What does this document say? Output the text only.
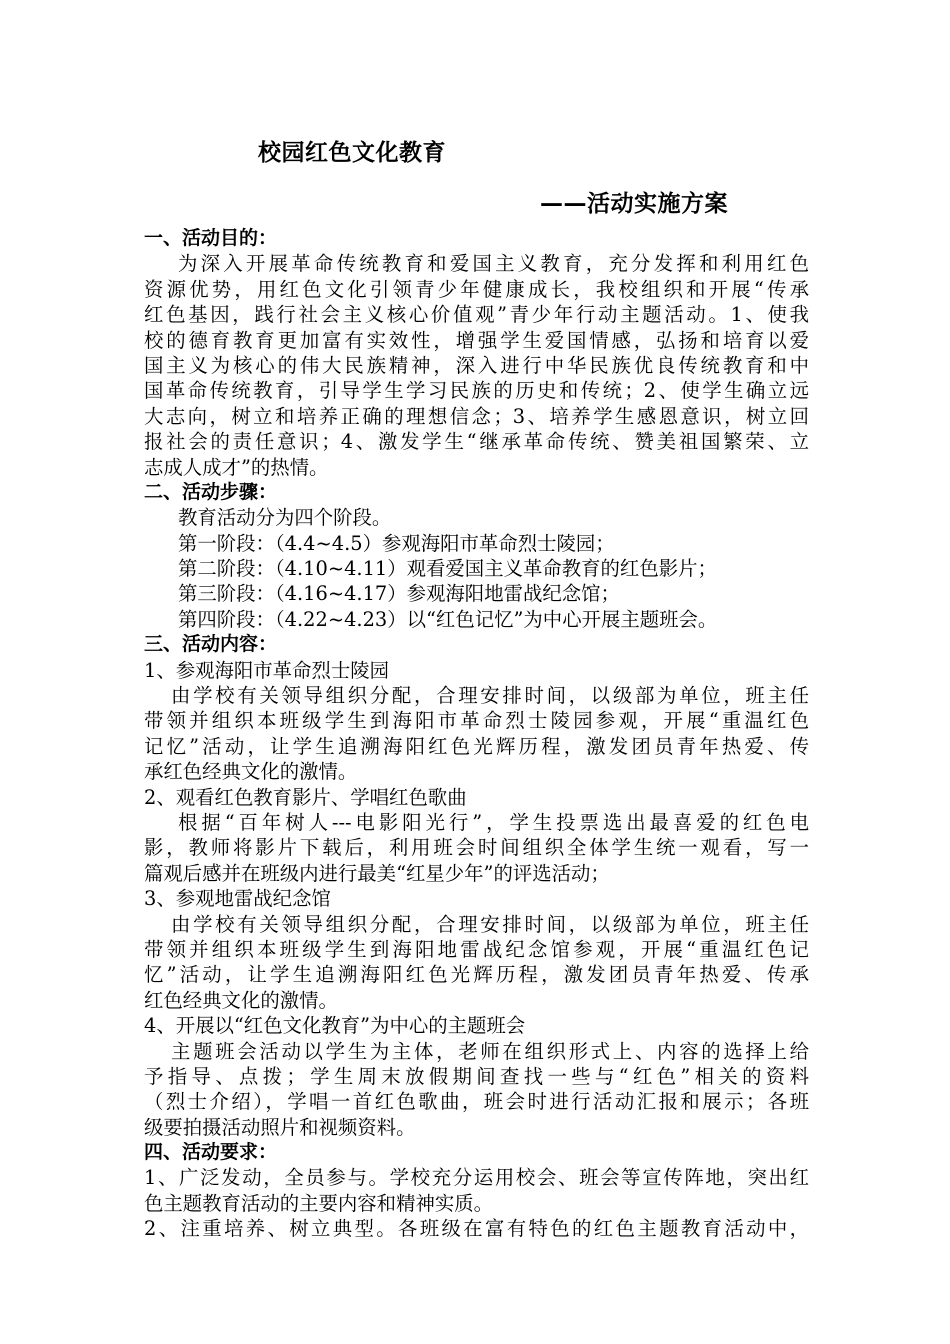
校园红色文化教育
——活动实施方案
一、活动目的：
为深入开展革命传统教育和爱国主义教育，充分发挥和利用红色
资源优势，用红色文化引领青少年健康成长，我校组织和开展“传承
红色基因，践行社会主义核心价值观”青少年行动主题活动。1、使我
校的德育教育更加富有实效性，增强学生爱国情感，弘扬和培育以爱
国主义为核心的伟大民族精神，深入进行中华民族优良传统教育和中
国革命传统教育，引导学生学习民族的历史和传统；2、使学生确立远
大志向，树立和培养正确的理想信念；3、培养学生感恩意识，树立回
报社会的责任意识；4、激发学生“继承革命传统、赞美祖国繁荣、立
志成人成才”的热情。
二、活动步骤：
教育活动分为四个阶段。
第一阶段：（4.4~4.5）参观海阳市革命烈士陵园；
第二阶段：（4.10~4.11）观看爱国主义革命教育的红色影片；
第三阶段：（4.16~4.17）参观海阳地雷战纪念馆；
第四阶段：（4.22~4.23）以“红色记忆”为中心开展主题班会。
三、活动内容：
1、参观海阳市革命烈士陵园
由学校有关领导组织分配，合理安排时间，以级部为单位，班主任
带领并组织本班级学生到海阳市革命烈士陵园参观，开展“重温红色
记忆”活动，让学生追溯海阳红色光辉历程，激发团员青年热爱、传
承红色经典文化的激情。
2、观看红色教育影片、学唱红色歌曲
根据“百年树人---电影阳光行”，学生投票选出最喜爱的红色电
影，教师将影片下载后，利用班会时间组织全体学生统一观看，写一
篇观后感并在班级内进行最美“红星少年”的评选活动；
3、参观地雷战纪念馆
由学校有关领导组织分配，合理安排时间，以级部为单位，班主任
带领并组织本班级学生到海阳地雷战纪念馆参观，开展“重温红色记
忆”活动，让学生追溯海阳红色光辉历程，激发团员青年热爱、传承
红色经典文化的激情。
4、开展以“红色文化教育”为中心的主题班会
主题班会活动以学生为主体，老师在组织形式上、内容的选择上给
予指导、点拨；学生周末放假期间查找一些与“红色”相关的资料
（烈士介绍），学唱一首红色歌曲，班会时进行活动汇报和展示；各班
级要拍摄活动照片和视频资料。
四、活动要求：
1、广泛发动，全员参与。学校充分运用校会、班会等宣传阵地，突出红
色主题教育活动的主要内容和精神实质。
2、注重培养、树立典型。各班级在富有特色的红色主题教育活动中，
